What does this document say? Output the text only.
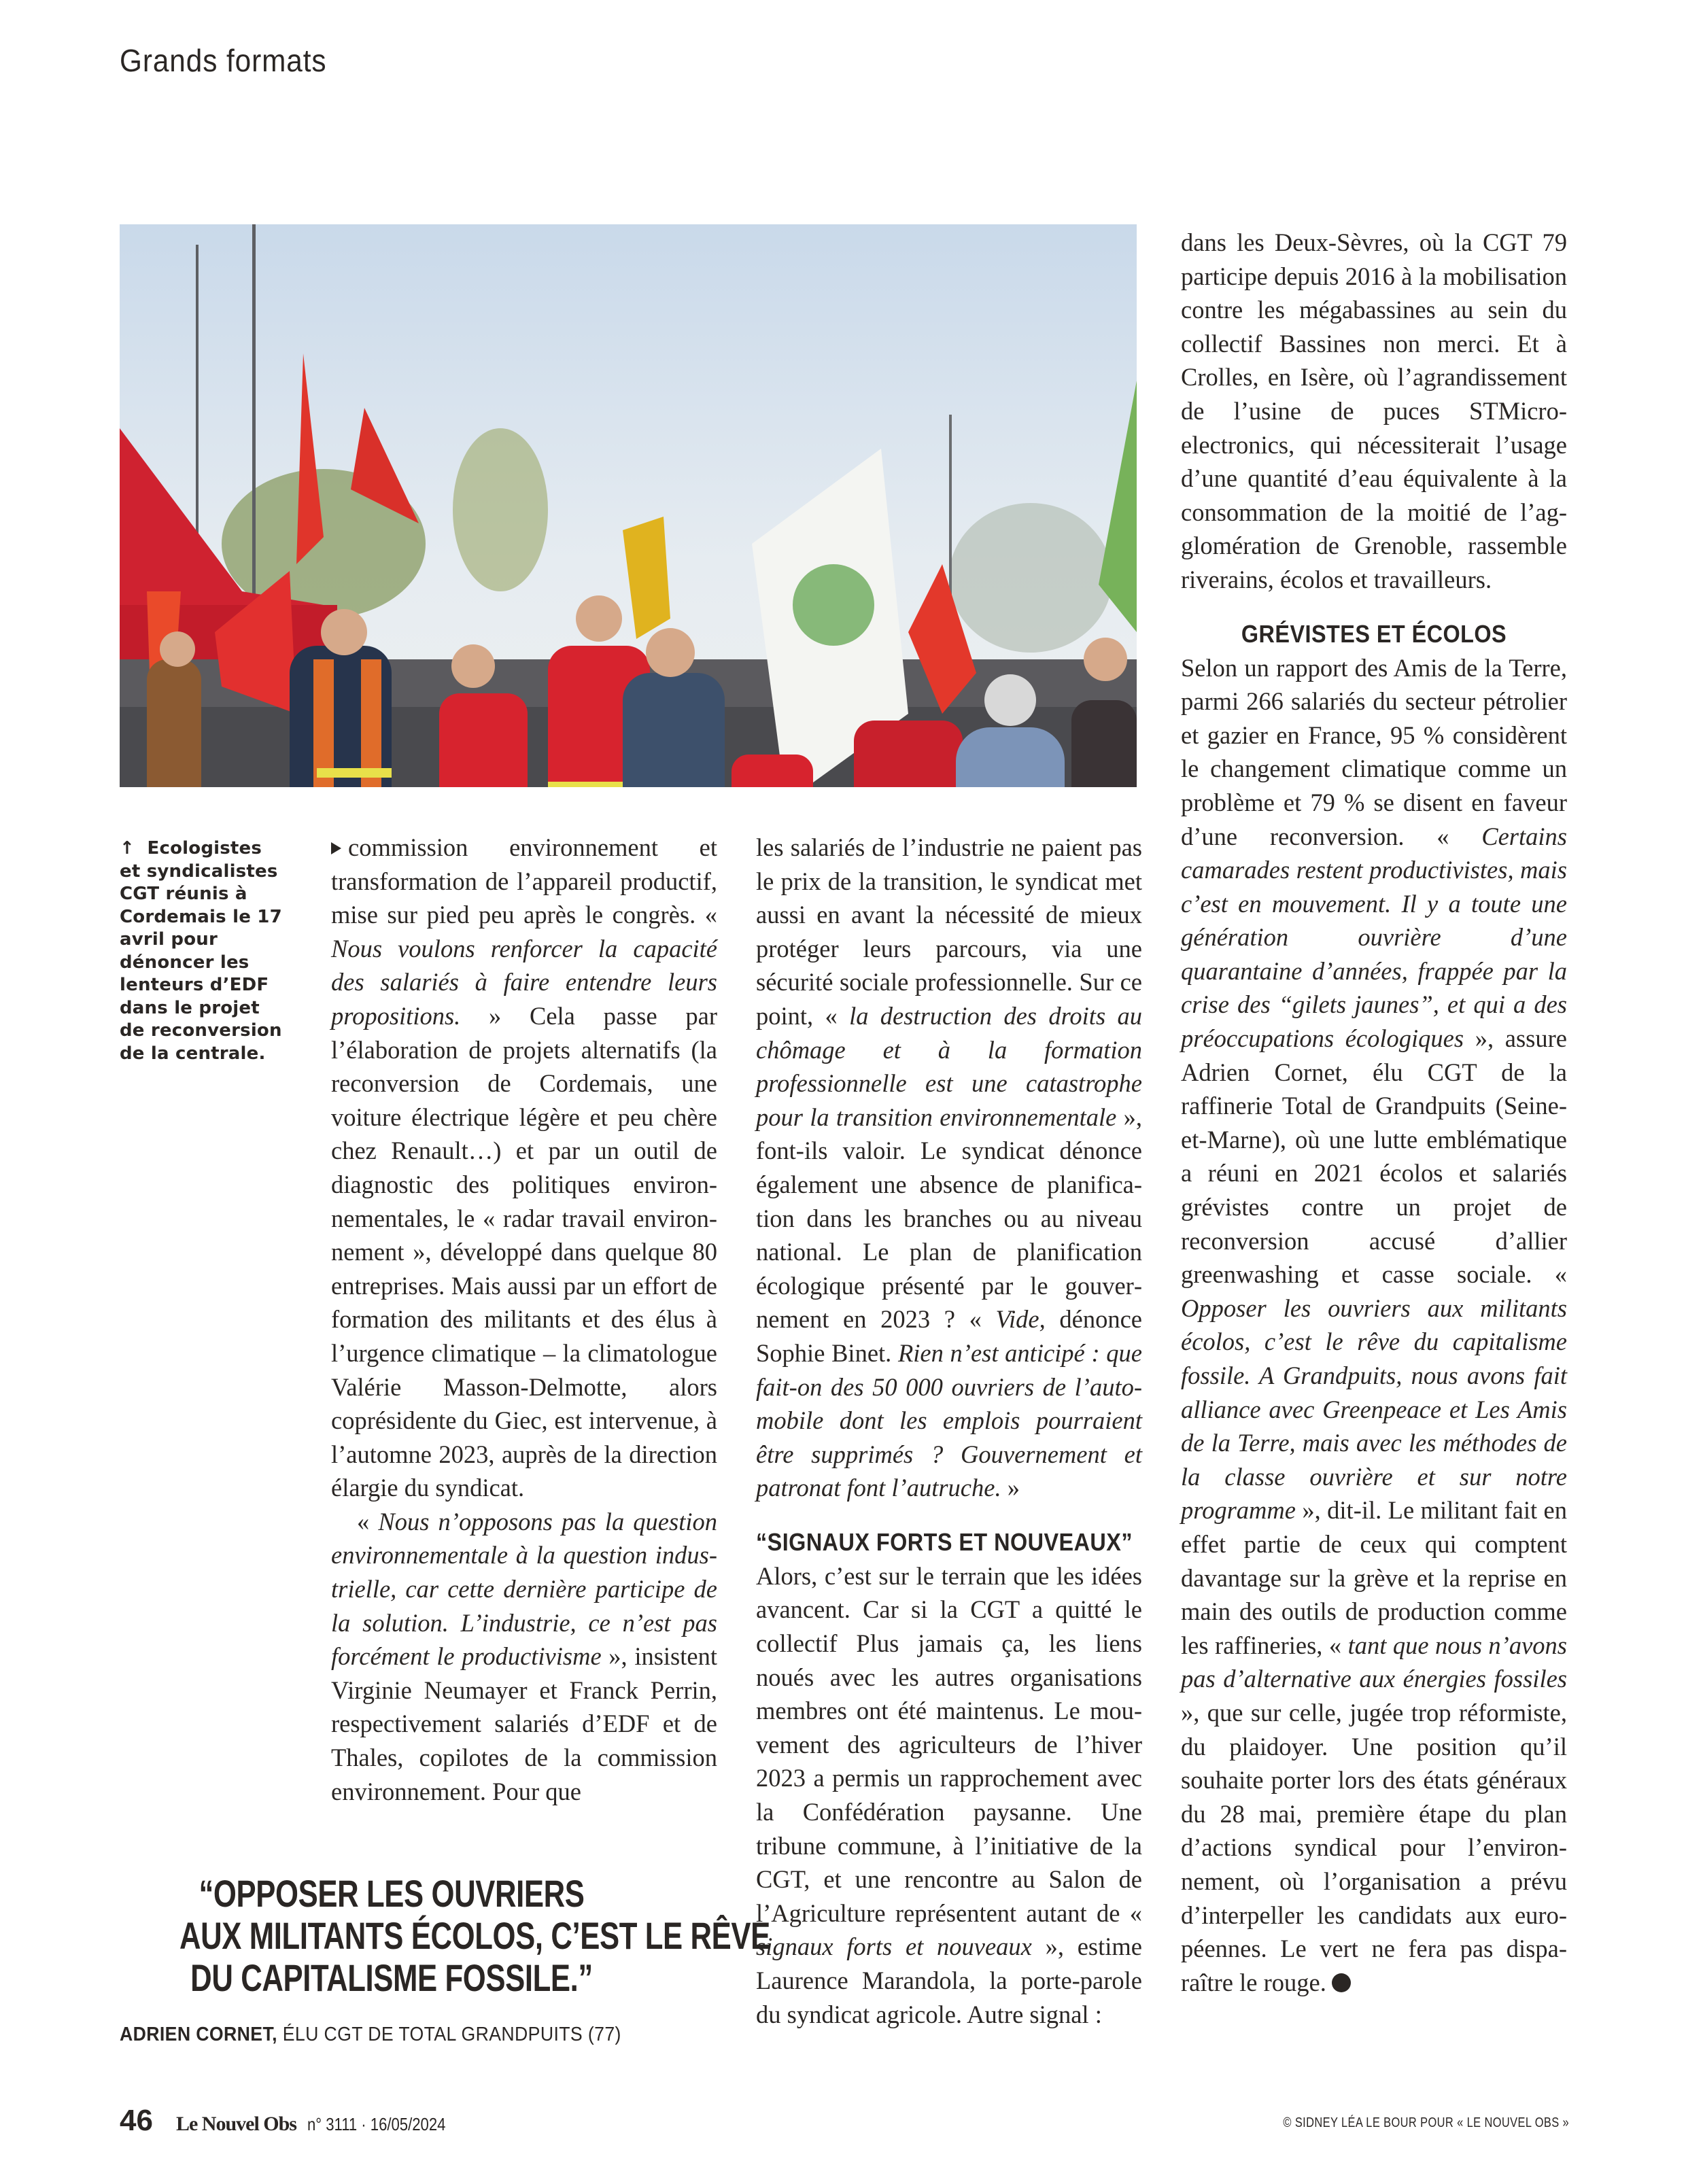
Grands formats
↑ Ecologistes et syndicalistes CGT réunis à Cordemais le 17 avril pour dénoncer les lenteurs d’EDF dans le projet de reconversion de la centrale.

commission environnement et transformation de l’appareil productif, mise sur pied peu après le congrès. « Nous voulons renforcer la capacité des salariés à faire entendre leurs propositions. » Cela passe par l’élaboration de projets alternatifs (la reconversion de Cordemais, une voiture électrique légère et peu chère chez Renault…) et par un outil de diagnostic des politiques environnementales, le « radar travail environnement », développé dans quelque 80 entreprises. Mais aussi par un effort de formation des militants et des élus à l’urgence climatique – la climatologue Valérie Masson-Delmotte, alors coprésidente du Giec, est intervenue, à l’automne 2023, auprès de la direction élargie du syndicat.

« Nous n’opposons pas la question environnementale à la question industrielle, car cette dernière participe de la solution. L’industrie, ce n’est pas forcément le productivisme », insistent Virginie Neumayer et Franck Perrin, respectivement salariés d’EDF et de Thales, copilotes de la commission environnement. Pour que

les salariés de l’industrie ne paient pas le prix de la transition, le syndicat met aussi en avant la nécessité de mieux protéger leurs parcours, via une sécurité sociale professionnelle. Sur ce point, « la destruction des droits au chômage et à la formation professionnelle est une catastrophe pour la transition environnementale », font-ils valoir. Le syndicat dénonce également une absence de planification dans les branches ou au niveau national. Le plan de planification écologique présenté par le gouvernement en 2023 ? « Vide, dénonce Sophie Binet. Rien n’est anticipé : que fait-on des 50 000 ouvriers de l’automobile dont les emplois pourraient être supprimés ? Gouvernement et patronat font l’autruche. »

“SIGNAUX FORTS ET NOUVEAUX”

Alors, c’est sur le terrain que les idées avancent. Car si la CGT a quitté le collectif Plus jamais ça, les liens noués avec les autres organisations membres ont été maintenus. Le mouvement des agriculteurs de l’hiver 2023 a permis un rapprochement avec la Confédération paysanne. Une tribune commune, à l’initiative de la CGT, et une rencontre au Salon de l’Agriculture représentent autant de « signaux forts et nouveaux », estime Laurence Marandola, la porte-parole du syndicat agricole. Autre signal :

dans les Deux-Sèvres, où la CGT 79 participe depuis 2016 à la mobilisation contre les mégabassines au sein du collectif Bassines non merci. Et à Crolles, en Isère, où l’agrandissement de l’usine de puces STMicroelectronics, qui nécessiterait l’usage d’une quantité d’eau équivalente à la consommation de la moitié de l’agglomération de Grenoble, rassemble riverains, écolos et travailleurs.

GRÉVISTES ET ÉCOLOS

Selon un rapport des Amis de la Terre, parmi 266 salariés du secteur pétrolier et gazier en France, 95 % considèrent le changement climatique comme un problème et 79 % se disent en faveur d’une reconversion. « Certains camarades restent productivistes, mais c’est en mouvement. Il y a toute une génération ouvrière d’une quarantaine d’années, frappée par la crise des “gilets jaunes”, et qui a des préoccupations écologiques », assure Adrien Cornet, élu CGT de la raffinerie Total de Grandpuits (Seine-et-Marne), où une lutte emblématique a réuni en 2021 écolos et salariés grévistes contre un projet de reconversion accusé d’allier greenwashing et casse sociale. « Opposer les ouvriers aux militants écolos, c’est le rêve du capitalisme fossile. A Grandpuits, nous avons fait alliance avec Greenpeace et Les Amis de la Terre, mais avec les méthodes de la classe ouvrière et sur notre programme », dit-il. Le militant fait en effet partie de ceux qui comptent davantage sur la grève et la reprise en main des outils de production comme les raffineries, « tant que nous n’avons pas d’alternative aux énergies fossiles », que sur celle, jugée trop réformiste, du plaidoyer. Une position qu’il souhaite porter lors des états généraux du 28 mai, première étape du plan d’actions syndical pour l’environnement, où l’organisation a prévu d’interpeller les candidats aux européennes. Le vert ne fera pas disparaître le rouge.

“OPPOSER LES OUVRIERS
AUX MILITANTS ÉCOLOS, C’EST LE RÊVE
DU CAPITALISME FOSSILE.”
ADRIEN CORNET, ÉLU CGT DE TOTAL GRANDPUITS (77)
46 Le Nouvel Obs n° 3111 · 16/05/2024	© SIDNEY LÉA LE BOUR POUR « LE NOUVEL OBS »
